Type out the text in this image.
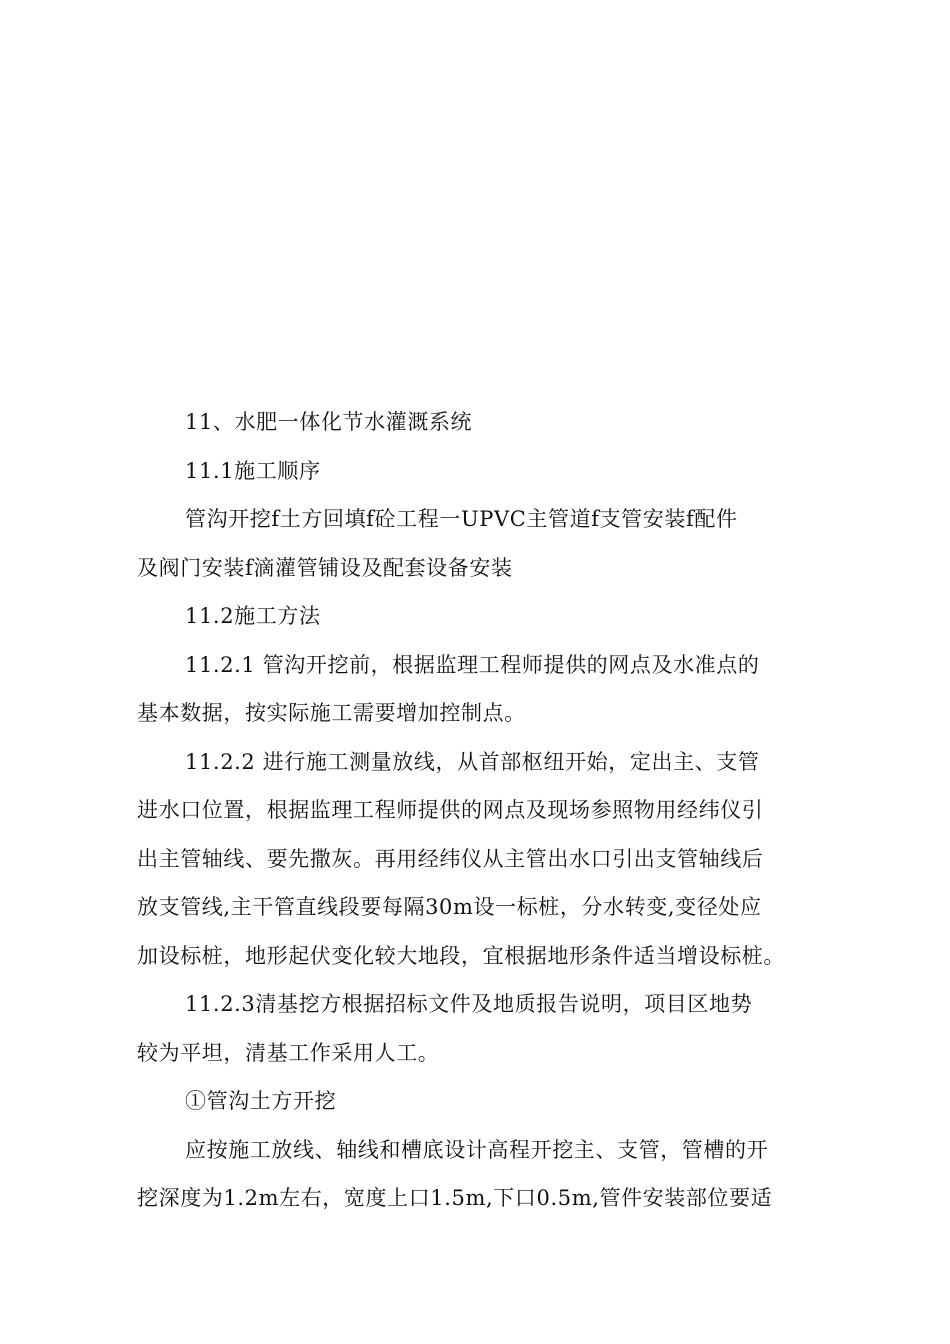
11、水肥一体化节水灌溉系统
11.1施工顺序
管沟开挖f土方回填f砼工程一UPVC主管道f支管安装f配件
及阀门安装f滴灌管铺设及配套设备安装
11.2施工方法
11.2.1 管沟开挖前，根据监理工程师提供的网点及水准点的
基本数据，按实际施工需要增加控制点。
11.2.2 进行施工测量放线，从首部枢纽开始，定出主、支管
进水口位置，根据监理工程师提供的网点及现场参照物用经纬仪引
出主管轴线、要先撒灰。再用经纬仪从主管出水口引出支管轴线后
放支管线,主干管直线段要每隔30m设一标桩，分水转变,变径处应
加设标桩，地形起伏变化较大地段，宜根据地形条件适当增设标桩。
11.2.3清基挖方根据招标文件及地质报告说明，项目区地势
较为平坦，清基工作采用人工。
①管沟土方开挖
应按施工放线、轴线和槽底设计高程开挖主、支管，管槽的开
挖深度为1.2m左右，宽度上口1.5m,下口0.5m,管件安装部位要适
